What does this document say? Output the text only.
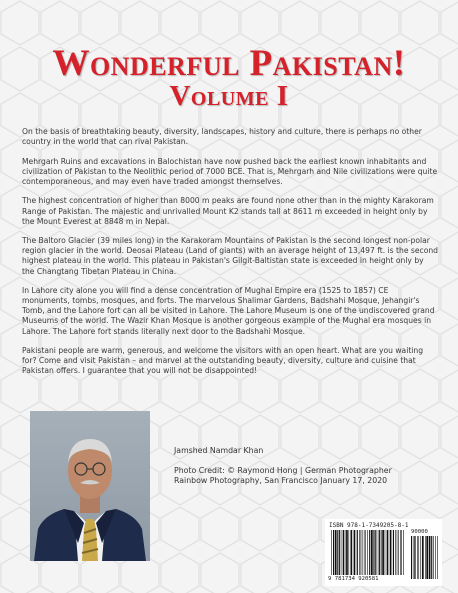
Wonderful Pakistan!
Volume I

On the basis of breathtaking beauty, diversity, landscapes, history and culture, there is perhaps no other country in the world that can rival Pakistan.

Mehrgarh Ruins and excavations in Balochistan have now pushed back the earliest known inhabitants and civilization of Pakistan to the Neolithic period of 7000 BCE. That is, Mehrgarh and Nile civilizations were quite contemporaneous, and may even have traded amongst themselves.

The highest concentration of higher than 8000 m peaks are found none other than in the mighty Karakoram Range of Pakistan. The majestic and unrivalled Mount K2 stands tall at 8611 m exceeded in height only by the Mount Everest at 8848 m in Nepal.

The Baltoro Glacier (39 miles long) in the Karakoram Mountains of Pakistan is the second longest non-polar region glacier in the world. Deosai Plateau (Land of giants) with an average height of 13,497 ft. is the second highest plateau in the world. This plateau in Pakistan's Gilgit-Baltistan state is exceeded in height only by the Changtang Tibetan Plateau in China.

In Lahore city alone you will find a dense concentration of Mughal Empire era (1525 to 1857) CE monuments, tombs, mosques, and forts. The marvelous Shalimar Gardens, Badshahi Mosque, Jehangir's Tomb, and the Lahore fort can all be visited in Lahore. The Lahore Museum is one of the undiscovered grand Museums of the world. The Wazir Khan Mosque is another gorgeous example of the Mughal era mosques in Lahore. The Lahore fort stands literally next door to the Badshahi Mosque.

Pakistani people are warm, generous, and welcome the visitors with an open heart. What are you waiting for? Come and visit Pakistan – and marvel at the outstanding beauty, diversity, culture and cuisine that Pakistan offers. I guarantee that you will not be disappointed!

Jamshed Namdar Khan
Photo Credit: © Raymond Hong | German Photographer
Rainbow Photography, San Francisco January 17, 2020
ISBN 978-1-7349205-8-1
90000
9 781734 920581
